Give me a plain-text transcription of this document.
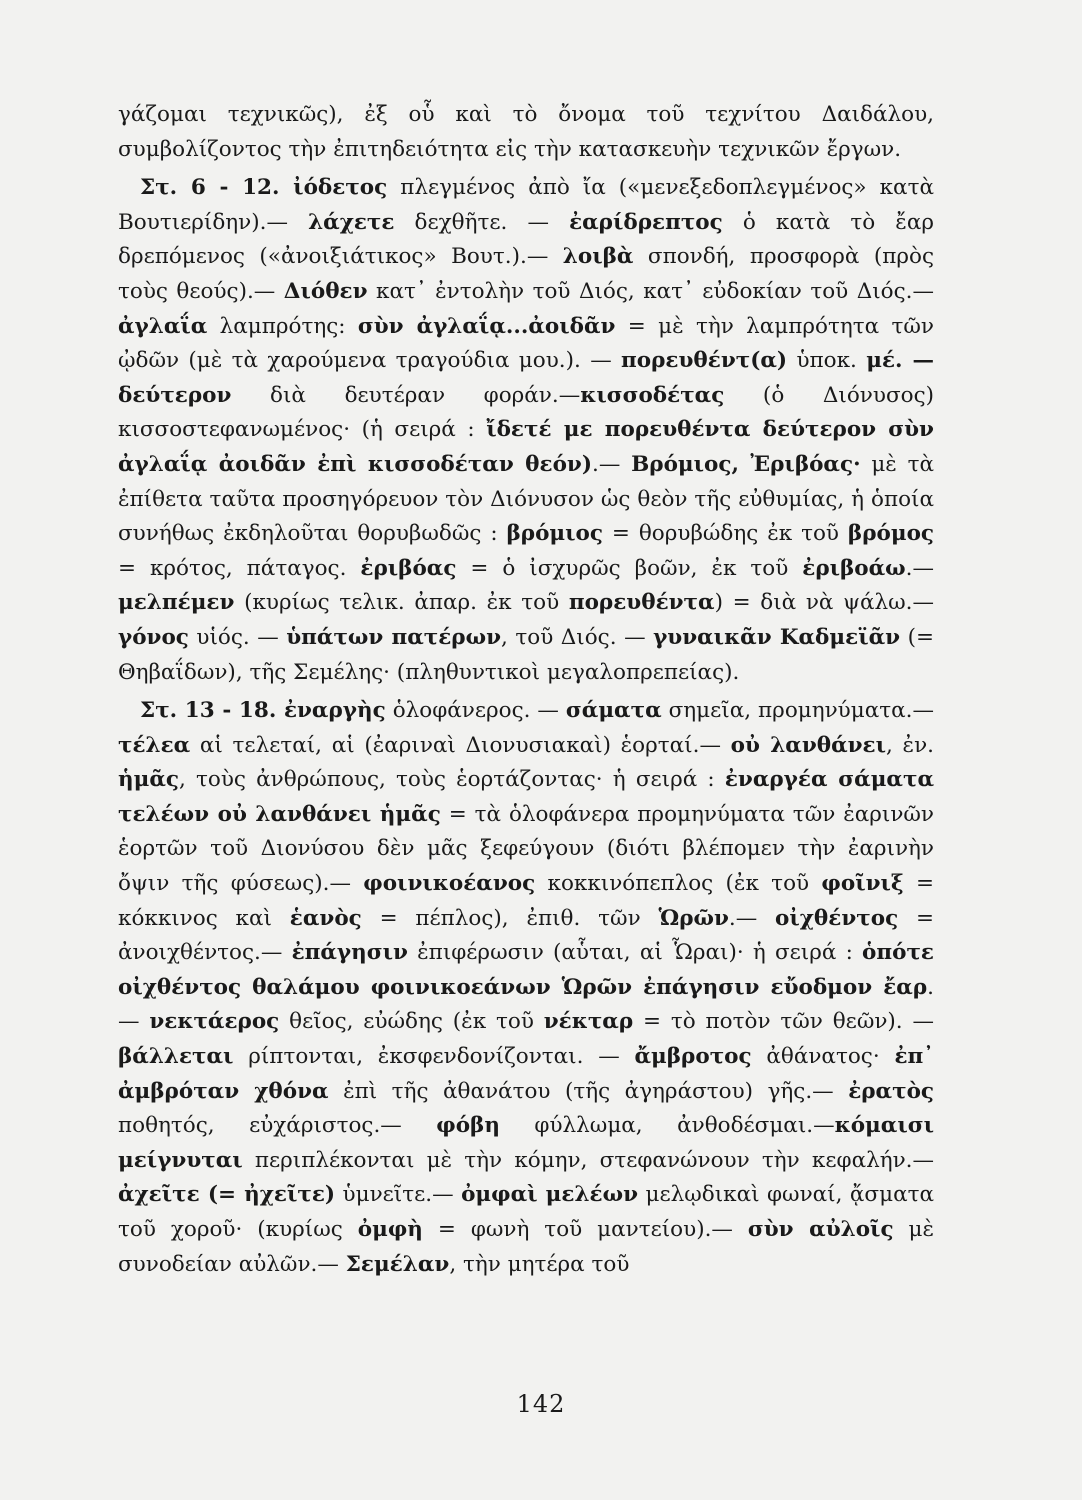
γάζομαι τεχνικῶς), ἐξ οὗ καὶ τὸ ὄνομα τοῦ τεχνίτου Δαιδάλου, συμβολίζοντος τὴν ἐπιτηδειότητα εἰς τὴν κατασκευὴν τεχνικῶν ἔργων.

Στ. 6 - 12. ἰόδετος πλεγμένος ἀπὸ ἴα («μενεξεδοπλεγμένος» κατὰ Βουτιερίδην).— λάχετε δεχθῆτε. — ἐαρίδρεπτος ὁ κατὰ τὸ ἔαρ δρεπόμενος («ἀνοιξιάτικος» Βουτ.).— λοιβὰ σπονδή, προσφορὰ (πρὸς τοὺς θεούς).— Διόθεν κατ᾽ ἐντολὴν τοῦ Διός, κατ᾽ εὐδοκίαν τοῦ Διός.— ἀγλαΐα λαμπρότης: σὺν ἀγλαΐᾳ...ἀοιδᾶν = μὲ τὴν λαμπρότητα τῶν ᾠδῶν (μὲ τὰ χαρούμενα τραγούδια μου.). — πορευθέντ(α) ὑποκ. μέ. —δεύτερον διὰ δευτέραν φοράν.—κισσοδέτας (ὁ Διόνυσος) κισσοστεφανωμένος· (ἡ σειρά : ἴδετέ με πορευθέντα δεύτερον σὺν ἀγλαΐᾳ ἀοιδᾶν ἐπὶ κισσοδέταν θεόν).— Βρόμιος, Ἐριβόας· μὲ τὰ ἐπίθετα ταῦτα προσηγόρευον τὸν Διόνυσον ὡς θεὸν τῆς εὐθυμίας, ἡ ὁποία συνήθως ἐκδηλοῦται θορυβωδῶς : βρόμιος = θορυβώδης ἐκ τοῦ βρόμος = κρότος, πάταγος. ἐριβόας = ὁ ἰσχυρῶς βοῶν, ἐκ τοῦ ἐριβοάω.— μελπέμεν (κυρίως τελικ. ἀπαρ. ἐκ τοῦ πορευθέντα) = διὰ νὰ ψάλω.— γόνος υἱός. — ὑπάτων πατέρων, τοῦ Διός. — γυναικᾶν Καδμεϊᾶν (= Θηβαΐδων), τῆς Σεμέλης· (πληθυντικοὶ μεγαλοπρεπείας).

Στ. 13 - 18. ἐναργὴς ὁλοφάνερος. — σάματα σημεῖα, προμηνύματα.— τέλεα αἱ τελεταί, αἱ (ἐαριναὶ Διονυσιακαὶ) ἑορταί.— οὐ λανθάνει, ἐν. ἡμᾶς, τοὺς ἀνθρώπους, τοὺς ἑορτάζοντας· ἡ σειρά : ἐναργέα σάματα τελέων οὐ λανθάνει ἡμᾶς = τὰ ὁλοφάνερα προμηνύματα τῶν ἐαρινῶν ἑορτῶν τοῦ Διονύσου δὲν μᾶς ξεφεύγουν (διότι βλέπομεν τὴν ἐαρινὴν ὄψιν τῆς φύσεως).— φοινικοέανος κοκκινόπεπλος (ἐκ τοῦ φοῖνιξ = κόκκινος καὶ ἑανὸς = πέπλος), ἐπιθ. τῶν Ὡρῶν.— οἰχθέντος = ἀνοιχθέντος.— ἐπάγησιν ἐπιφέρωσιν (αὗται, αἱ Ὧραι)· ἡ σειρά : ὁπότε οἰχθέντος θαλάμου φοινικοεάνων Ὡρῶν ἐπάγησιν εὔοδμον ἔαρ.— νεκτάερος θεῖος, εὐώδης (ἐκ τοῦ νέκταρ = τὸ ποτὸν τῶν θεῶν). — βάλλεται ρίπτονται, ἐκσφενδονίζονται. — ἄμβροτος ἀθάνατος· ἐπ᾽ ἀμβρόταν χθόνα ἐπὶ τῆς ἀθανάτου (τῆς ἀγηράστου) γῆς.— ἐρατὸς ποθητός, εὐχάριστος.— φόβη φύλλωμα, ἀνθοδέσμαι.—κόμαισι μείγνυται περιπλέκονται μὲ τὴν κόμην, στεφανώνουν τὴν κεφαλήν.— ἀχεῖτε (= ἠχεῖτε) ὑμνεῖτε.— ὀμφαὶ μελέων μελῳδικαὶ φωναί, ᾄσματα τοῦ χοροῦ· (κυρίως ὀμφὴ = φωνὴ τοῦ μαντείου).— σὺν αὐλοῖς μὲ συνοδείαν αὐλῶν.— Σεμέλαν, τὴν μητέρα τοῦ

142
